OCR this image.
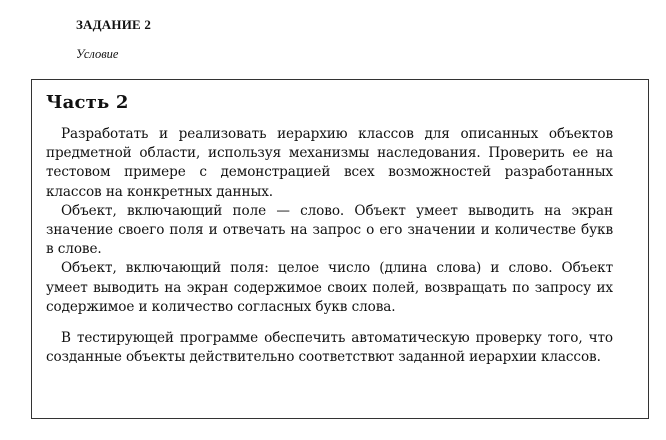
ЗАДАНИЕ 2
Условие
Часть 2

Разработать и реализовать иерархию классов для описанных объектов предметной области, используя механизмы наследования. Проверить ее на тестовом примере с демонстрацией всех возможностей разработанных классов на конкретных данных.

Объект, включающий поле — слово. Объект умеет выводить на экран значение своего поля и отвечать на запрос о его значении и количестве букв в слове.

Объект, включающий поля: целое число (длина слова) и слово. Объект умеет выводить на экран содержимое своих полей, возвращать по запросу их содержимое и количество согласных букв слова.

В тестирующей программе обеспечить автоматическую проверку того, что созданные объекты действительно соответствют заданной иерархии классов.
